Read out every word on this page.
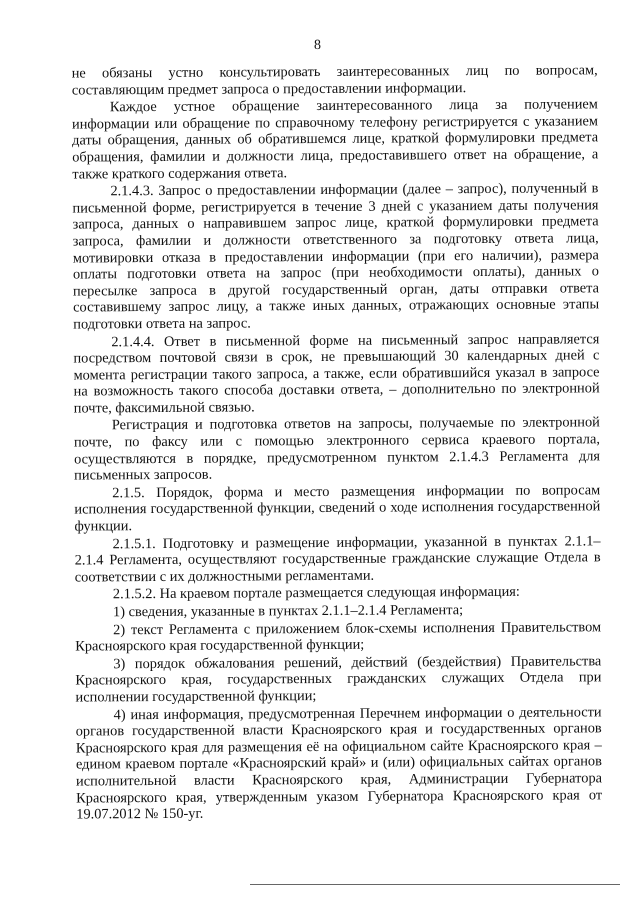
8

не обязаны устно консультировать заинтересованных лиц по вопросам, составляющим предмет запроса о предоставлении информации.

Каждое устное обращение заинтересованного лица за получением информации или обращение по справочному телефону регистрируется с указанием даты обращения, данных об обратившемся лице, краткой формулировки предмета обращения, фамилии и должности лица, предоставившего ответ на обращение, а также краткого содержания ответа.

2.1.4.3. Запрос о предоставлении информации (далее – запрос), полученный в письменной форме, регистрируется в течение 3 дней с указанием даты получения запроса, данных о направившем запрос лице, краткой формулировки предмета запроса, фамилии и должности ответственного за подготовку ответа лица, мотивировки отказа в предоставлении информации (при его наличии), размера оплаты подготовки ответа на запрос (при необходимости оплаты), данных о пересылке запроса в другой государственный орган, даты отправки ответа составившему запрос лицу, а также иных данных, отражающих основные этапы подготовки ответа на запрос.

2.1.4.4. Ответ в письменной форме на письменный запрос направляется посредством почтовой связи в срок, не превышающий 30 календарных дней с момента регистрации такого запроса, а также, если обратившийся указал в запросе на возможность такого способа доставки ответа, – дополнительно по электронной почте, факсимильной связью.

Регистрация и подготовка ответов на запросы, получаемые по электронной почте, по факсу или с помощью электронного сервиса краевого портала, осуществляются в порядке, предусмотренном пунктом 2.1.4.3 Регламента для письменных запросов.

2.1.5. Порядок, форма и место размещения информации по вопросам исполнения государственной функции, сведений о ходе исполнения государственной функции.

2.1.5.1. Подготовку и размещение информации, указанной в пунктах 2.1.1–2.1.4 Регламента, осуществляют государственные гражданские служащие Отдела в соответствии с их должностными регламентами.

2.1.5.2. На краевом портале размещается следующая информация:

1) сведения, указанные в пунктах 2.1.1–2.1.4 Регламента;

2) текст Регламента с приложением блок-схемы исполнения Правительством Красноярского края государственной функции;

3) порядок обжалования решений, действий (бездействия) Правительства Красноярского края, государственных гражданских служащих Отдела при исполнении государственной функции;

4) иная информация, предусмотренная Перечнем информации о деятельности органов государственной власти Красноярского края и государственных органов Красноярского края для размещения её на официальном сайте Красноярского края – едином краевом портале «Красноярский край» и (или) официальных сайтах органов исполнительной власти Красноярского края, Администрации Губернатора Красноярского края, утвержденным указом Губернатора Красноярского края от 19.07.2012 № 150-уг.
